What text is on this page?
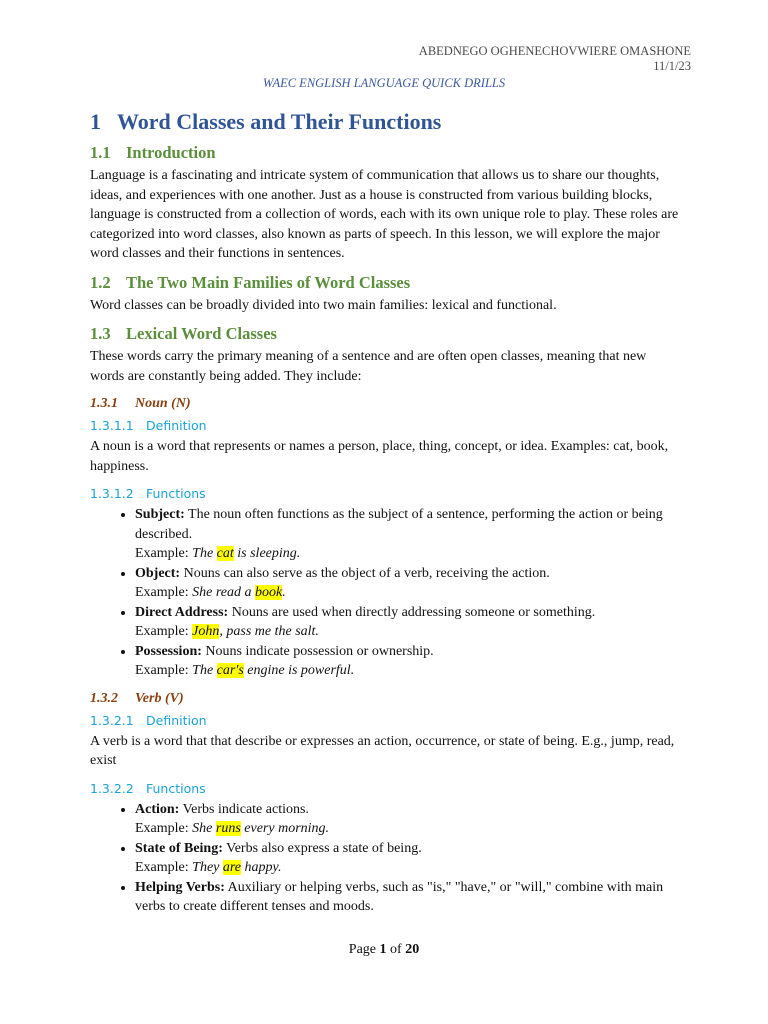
ABEDNEGO OGHENECHOVWIERE OMASHONE
11/1/23
WAEC ENGLISH LANGUAGE QUICK DRILLS
1 Word Classes and Their Functions
1.1 Introduction

Language is a fascinating and intricate system of communication that allows us to share our thoughts, ideas, and experiences with one another. Just as a house is constructed from various building blocks, language is constructed from a collection of words, each with its own unique role to play. These roles are categorized into word classes, also known as parts of speech. In this lesson, we will explore the major word classes and their functions in sentences.

1.2 The Two Main Families of Word Classes

Word classes can be broadly divided into two main families: lexical and functional.

1.3 Lexical Word Classes

These words carry the primary meaning of a sentence and are often open classes, meaning that new words are constantly being added. They include:

1.3.1 Noun (N)
1.3.1.1 Definition

A noun is a word that represents or names a person, place, thing, concept, or idea. Examples: cat, book, happiness.

1.3.1.2 Functions
• Subject: The noun often functions as the subject of a sentence, performing the action or being described.
Example: The cat is sleeping.
• Object: Nouns can also serve as the object of a verb, receiving the action.
Example: She read a book.
• Direct Address: Nouns are used when directly addressing someone or something.
Example: John, pass me the salt.
• Possession: Nouns indicate possession or ownership.
Example: The car's engine is powerful.
1.3.2 Verb (V)
1.3.2.1 Definition

A verb is a word that that describe or expresses an action, occurrence, or state of being. E.g., jump, read, exist

1.3.2.2 Functions
• Action: Verbs indicate actions.
Example: She runs every morning.
• State of Being: Verbs also express a state of being.
Example: They are happy.
• Helping Verbs: Auxiliary or helping verbs, such as "is," "have," or "will," combine with main verbs to create different tenses and moods.
Page 1 of 20
